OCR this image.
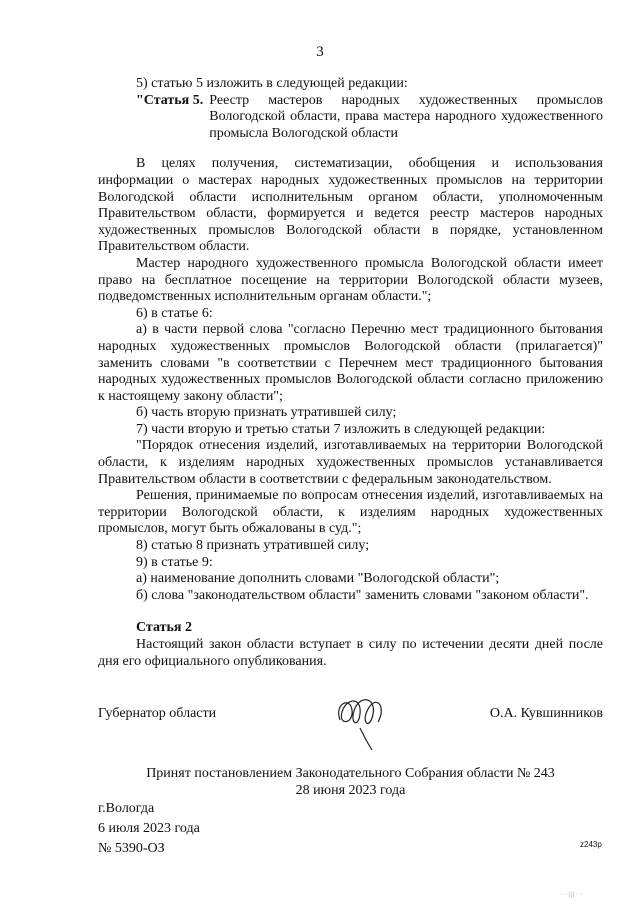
3

5) статью 5 изложить в следующей редакции:

"Статья 5. Реестр мастеров народных художественных промыслов Вологодской области, права мастера народного художественного промысла Вологодской области

В целях получения, систематизации, обобщения и использования информации о мастерах народных художественных промыслов на территории Вологодской области исполнительным органом области, уполномоченным Правительством области, формируется и ведется реестр мастеров народных художественных промыслов Вологодской области в порядке, установленном Правительством области.

Мастер народного художественного промысла Вологодской области имеет право на бесплатное посещение на территории Вологодской области музеев, подведомственных исполнительным органам области.";

6) в статье 6:

а) в части первой слова "согласно Перечню мест традиционного бытования народных художественных промыслов Вологодской области (прилагается)" заменить словами "в соответствии с Перечнем мест традиционного бытования народных художественных промыслов Вологодской области согласно приложению к настоящему закону области";

б) часть вторую признать утратившей силу;

7) части вторую и третью статьи 7 изложить в следующей редакции:

"Порядок отнесения изделий, изготавливаемых на территории Вологодской области, к изделиям народных художественных промыслов устанавливается Правительством области в соответствии с федеральным законодательством.

Решения, принимаемые по вопросам отнесения изделий, изготавливаемых на территории Вологодской области, к изделиям народных художественных промыслов, могут быть обжалованы в суд.";

8) статью 8 признать утратившей силу;

9) в статье 9:

а) наименование дополнить словами "Вологодской области";

б) слова "законодательством области" заменить словами "законом области".

Статья 2

Настоящий закон области вступает в силу по истечении десяти дней после дня его официального опубликования.

Губернатор области	О.А. Кувшинников
Принят постановлением Законодательного Собрания области № 243
28 июня 2023 года
г.Вологда
6 июля 2023 года
№ 5390-ОЗ	z243p
· ·|||· ·
